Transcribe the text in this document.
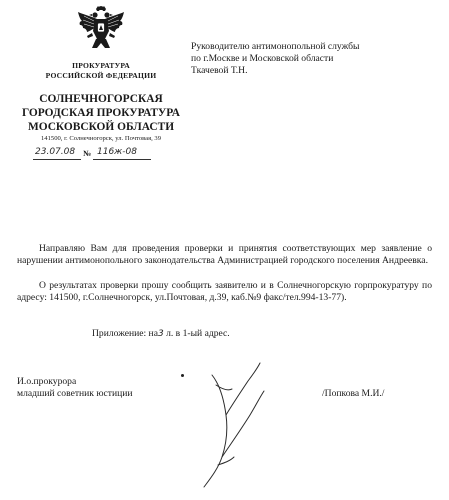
ПРОКУРАТУРА
РОССИЙСКОЙ ФЕДЕРАЦИИ
СОЛНЕЧНОГОРСКАЯ
ГОРОДСКАЯ ПРОКУРАТУРА
МОСКОВСКОЙ ОБЛАСТИ
141500, г. Солнечногорск, ул. Почтовая, 39
23.07.08 № 116ж-08
Руководителю антимонопольной службы
по г.Москве и Московской области
Ткачевой Т.Н.
Направляю Вам для проведения проверки и принятия соответствующих мер заявление о нарушении антимонопольного законодательства Администрацией городского поселения Андреевка.
О результатах проверки прошу сообщить заявителю и в Солнечногорскую горпрокуратуру по адресу: 141500, г.Солнечногорск, ул.Почтовая, д.39, каб.№9 факс/тел.994-13-77).
Приложение: на3 л. в 1-ый адрес.
И.о.прокурора
младший советник юстиции	/Попкова М.И./
